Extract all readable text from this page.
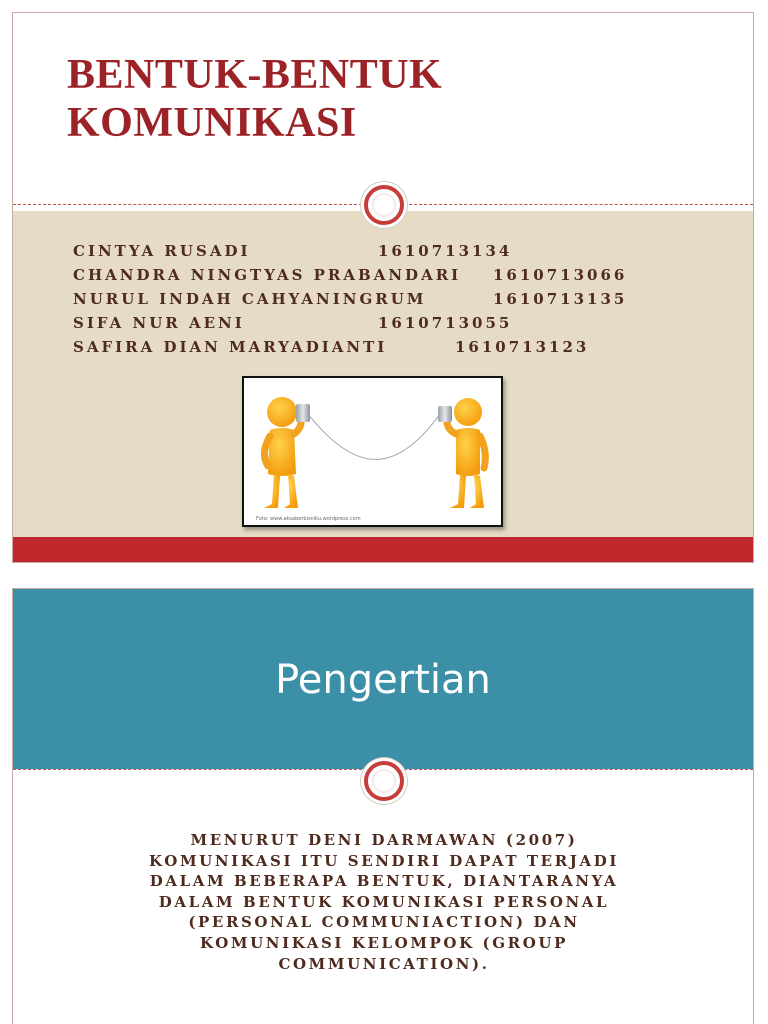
BENTUK-BENTUK
KOMUNIKASI
CINTYA RUSADI	1610713134
CHANDRA NINGTYAS PRABANDARI 1610713066
NURUL INDAH CAHYANINGRUM	1610713135
SIFA NUR AENI	1610713055
SAFIRA DIAN MARYADIANTI	1610713123
Foto: www.aksaberbisniku.wordpress.com
Pengertian
MENURUT DENI DARMAWAN (2007) KOMUNIKASI ITU SENDIRI DAPAT TERJADI DALAM BEBERAPA BENTUK, DIANTARANYA DALAM BENTUK KOMUNIKASI PERSONAL (PERSONAL COMMUNIACTION) DAN KOMUNIKASI KELOMPOK (GROUP COMMUNICATION).
